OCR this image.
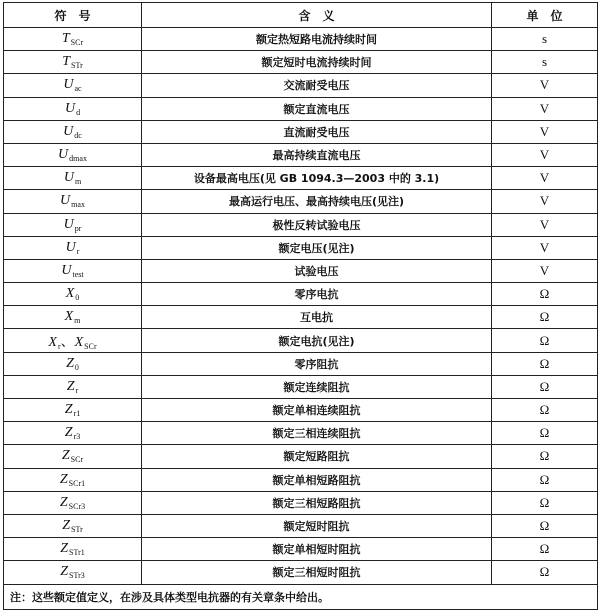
符　号	含　义	单　位
$T_{SCr}$	额定热短路电流持续时间	s
$T_{STr}$	额定短时电流持续时间	s
$U_{ac}$	交流耐受电压	V
$U_d$	额定直流电压	V
$U_{dc}$	直流耐受电压	V
$U_{dmax}$	最高持续直流电压	V
$U_m$	设备最高电压(见 GB 1094.3—2003 中的 3.1)	V
$U_{max}$	最高运行电压、最高持续电压(见注)	V
$U_{pr}$	极性反转试验电压	V
$U_r$	额定电压(见注)	V
$U_{test}$	试验电压	V
$X_0$	零序电抗	Ω
$X_m$	互电抗	Ω
$X_r$、$X_{SCr}$	额定电抗(见注)	Ω
$Z_0$	零序阻抗	Ω
$Z_r$	额定连续阻抗	Ω
$Z_{r1}$	额定单相连续阻抗	Ω
$Z_{r3}$	额定三相连续阻抗	Ω
$Z_{SCr}$	额定短路阻抗	Ω
$Z_{SCr1}$	额定单相短路阻抗	Ω
$Z_{SCr3}$	额定三相短路阻抗	Ω
$Z_{STr}$	额定短时阻抗	Ω
$Z_{STr1}$	额定单相短时阻抗	Ω
$Z_{STr3}$	额定三相短时阻抗	Ω
注：这些额定值定义，在涉及具体类型电抗器的有关章条中给出。		
